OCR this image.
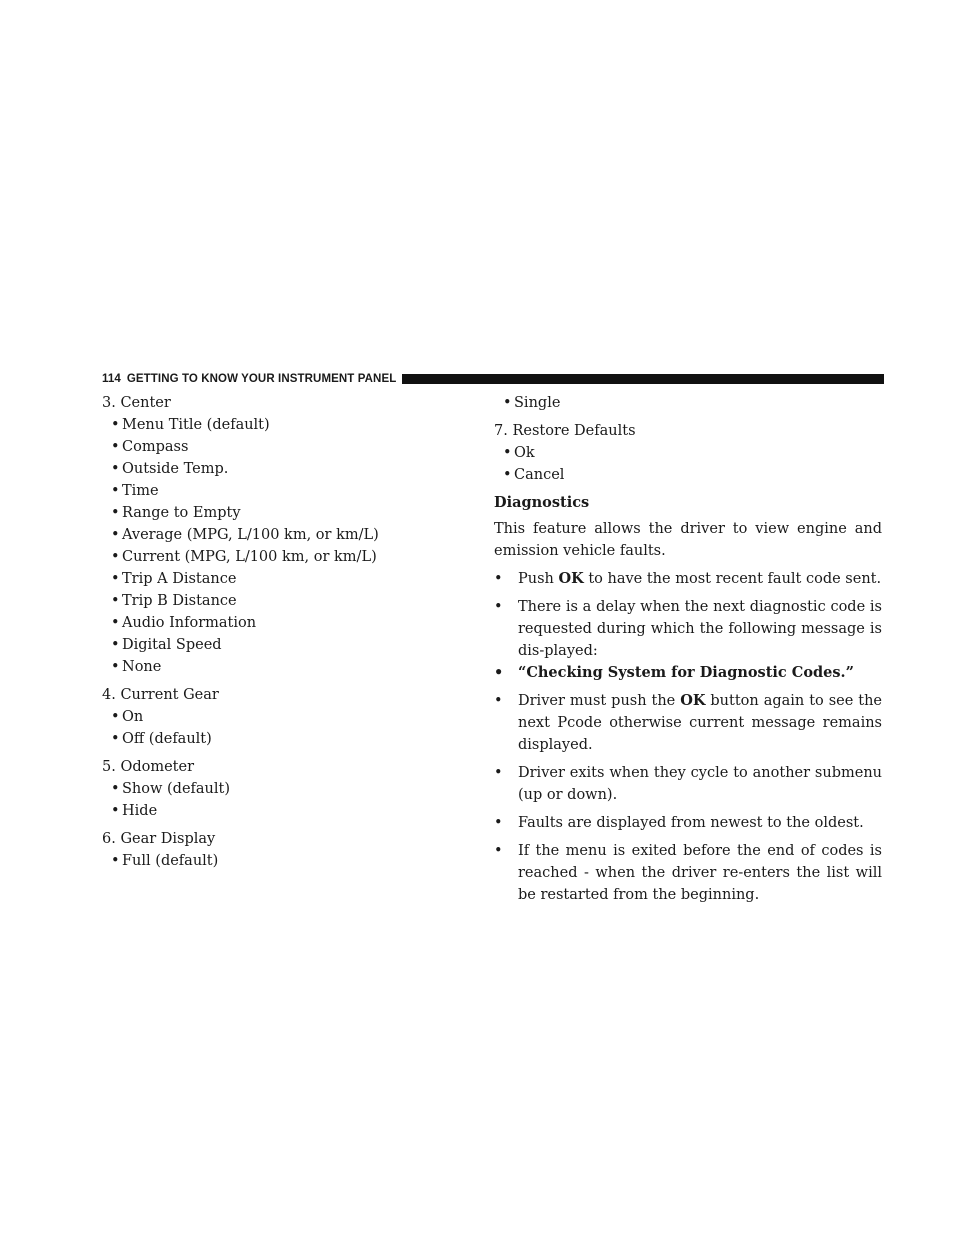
114 GETTING TO KNOW YOUR INSTRUMENT PANEL
3. Center
• Menu Title (default)
• Compass
• Outside Temp.
• Time
• Range to Empty
• Average (MPG, L/100 km, or km/L)
• Current (MPG, L/100 km, or km/L)
• Trip A Distance
• Trip B Distance
• Audio Information
• Digital Speed
• None
4. Current Gear
• On
• Off (default)
5. Odometer
• Show (default)
• Hide
6. Gear Display
• Full (default)
• Single
7. Restore Defaults
• Ok
• Cancel
Diagnostics

This feature allows the driver to view engine and emission vehicle faults.

• Push OK to have the most recent fault code sent.
• There is a delay when the next diagnostic code is requested during which the following message is dis-played:
• “Checking System for Diagnostic Codes.”
• Driver must push the OK button again to see the next Pcode otherwise current message remains displayed.
• Driver exits when they cycle to another submenu (up or down).
• Faults are displayed from newest to the oldest.
• If the menu is exited before the end of codes is reached - when the driver re-enters the list will be restarted from the beginning.
